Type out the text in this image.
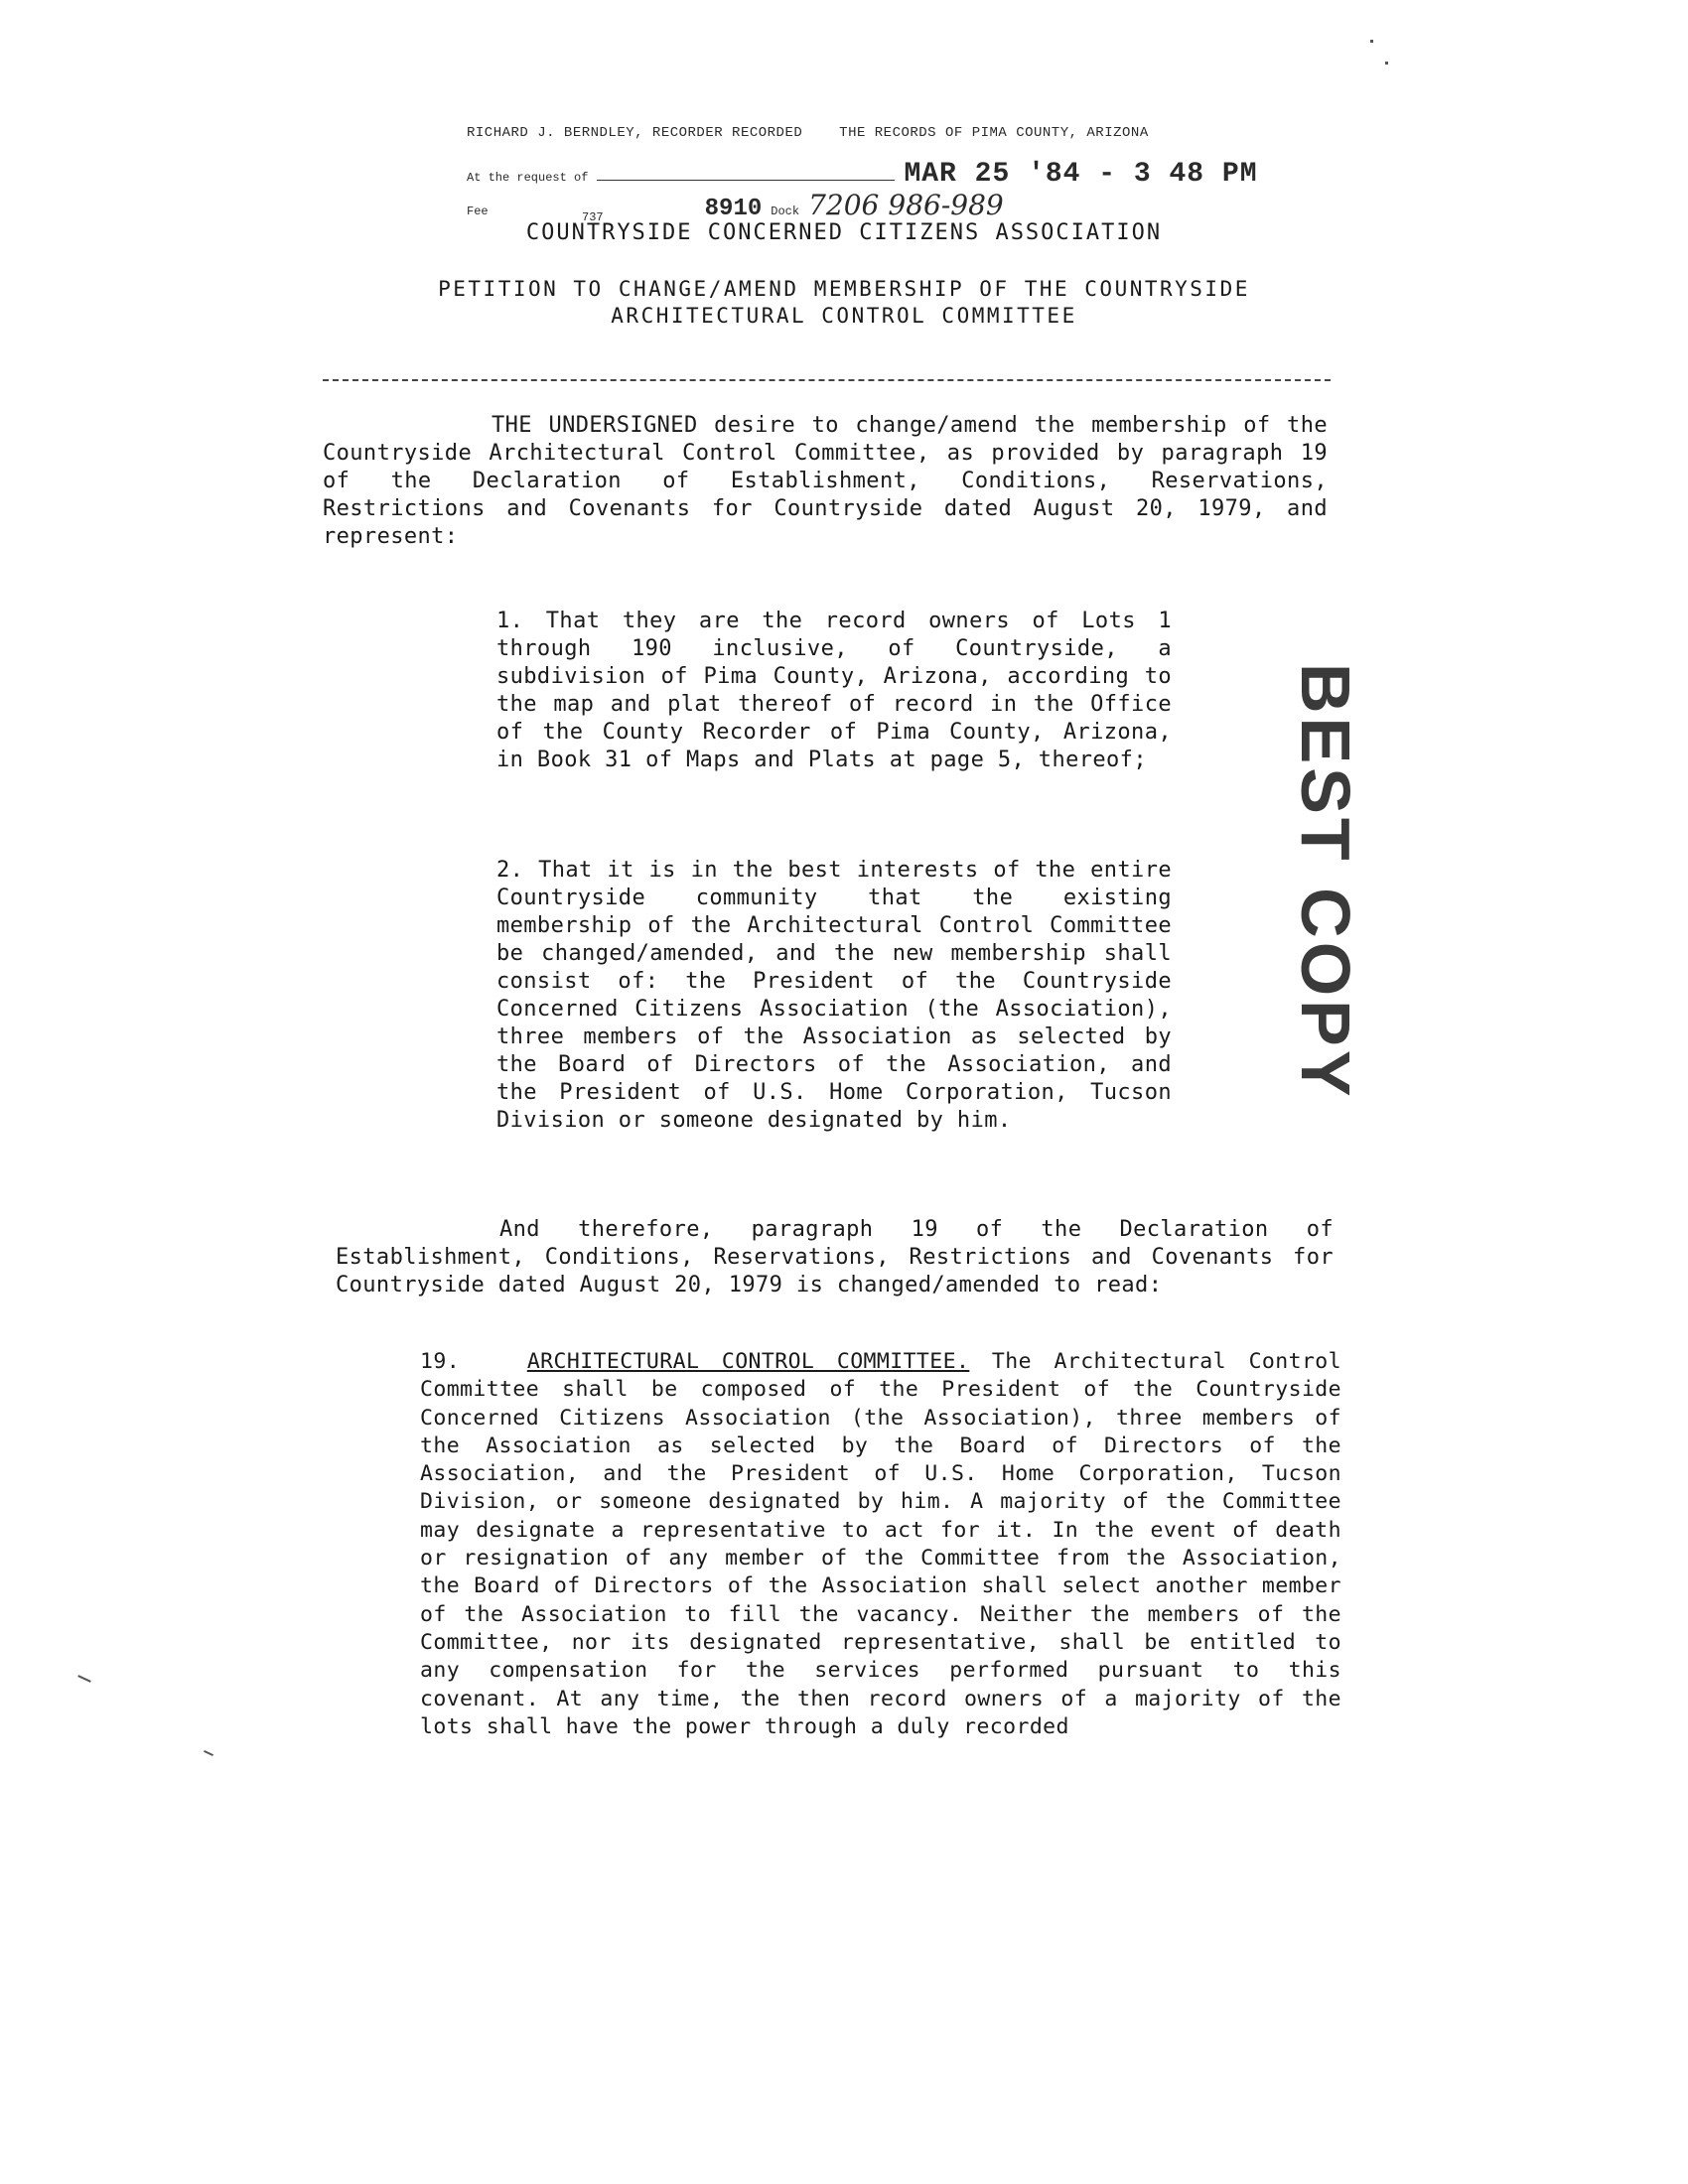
RICHARD J. BERNDLEY, RECORDER RECORDED	THE RECORDS OF PIMA COUNTY, ARIZONA
At the request of	MAR 25 '84 - 3 48 PM
Fee	8910 Dock 7206 986-989
737
COUNTRYSIDE CONCERNED CITIZENS ASSOCIATION
PETITION TO CHANGE/AMEND MEMBERSHIP OF THE COUNTRYSIDE
ARCHITECTURAL CONTROL COMMITTEE
THE UNDERSIGNED desire to change/amend the membership of the Countryside Architectural Control Committee, as provided by paragraph 19 of the Declaration of Establishment, Conditions, Reservations, Restrictions and Covenants for Countryside dated August 20, 1979, and represent:
1. That they are the record owners of Lots 1 through 190 inclusive, of Countryside, a subdivision of Pima County, Arizona, according to the map and plat thereof of record in the Office of the County Recorder of Pima County, Arizona, in Book 31 of Maps and Plats at page 5, thereof;
2. That it is in the best interests of the entire Countryside community that the existing membership of the Architectural Control Committee be changed/amended, and the new membership shall consist of: the President of the Countryside Concerned Citizens Association (the Association), three members of the Association as selected by the Board of Directors of the Association, and the President of U.S. Home Corporation, Tucson Division or someone designated by him.
And therefore, paragraph 19 of the Declaration of Establishment, Conditions, Reservations, Restrictions and Covenants for Countryside dated August 20, 1979 is changed/amended to read:
19.	ARCHITECTURAL CONTROL COMMITTEE. The Architectural Control Committee shall be composed of the President of the Countryside Concerned Citizens Association (the Association), three members of the Association as selected by the Board of Directors of the Association, and the President of U.S. Home Corporation, Tucson Division, or someone designated by him. A majority of the Committee may designate a representative to act for it. In the event of death or resignation of any member of the Committee from the Association, the Board of Directors of the Association shall select another member of the Association to fill the vacancy. Neither the members of the Committee, nor its designated representative, shall be entitled to any compensation for the services performed pursuant to this covenant. At any time, the then record owners of a majority of the lots shall have the power through a duly recorded
BEST COPY
